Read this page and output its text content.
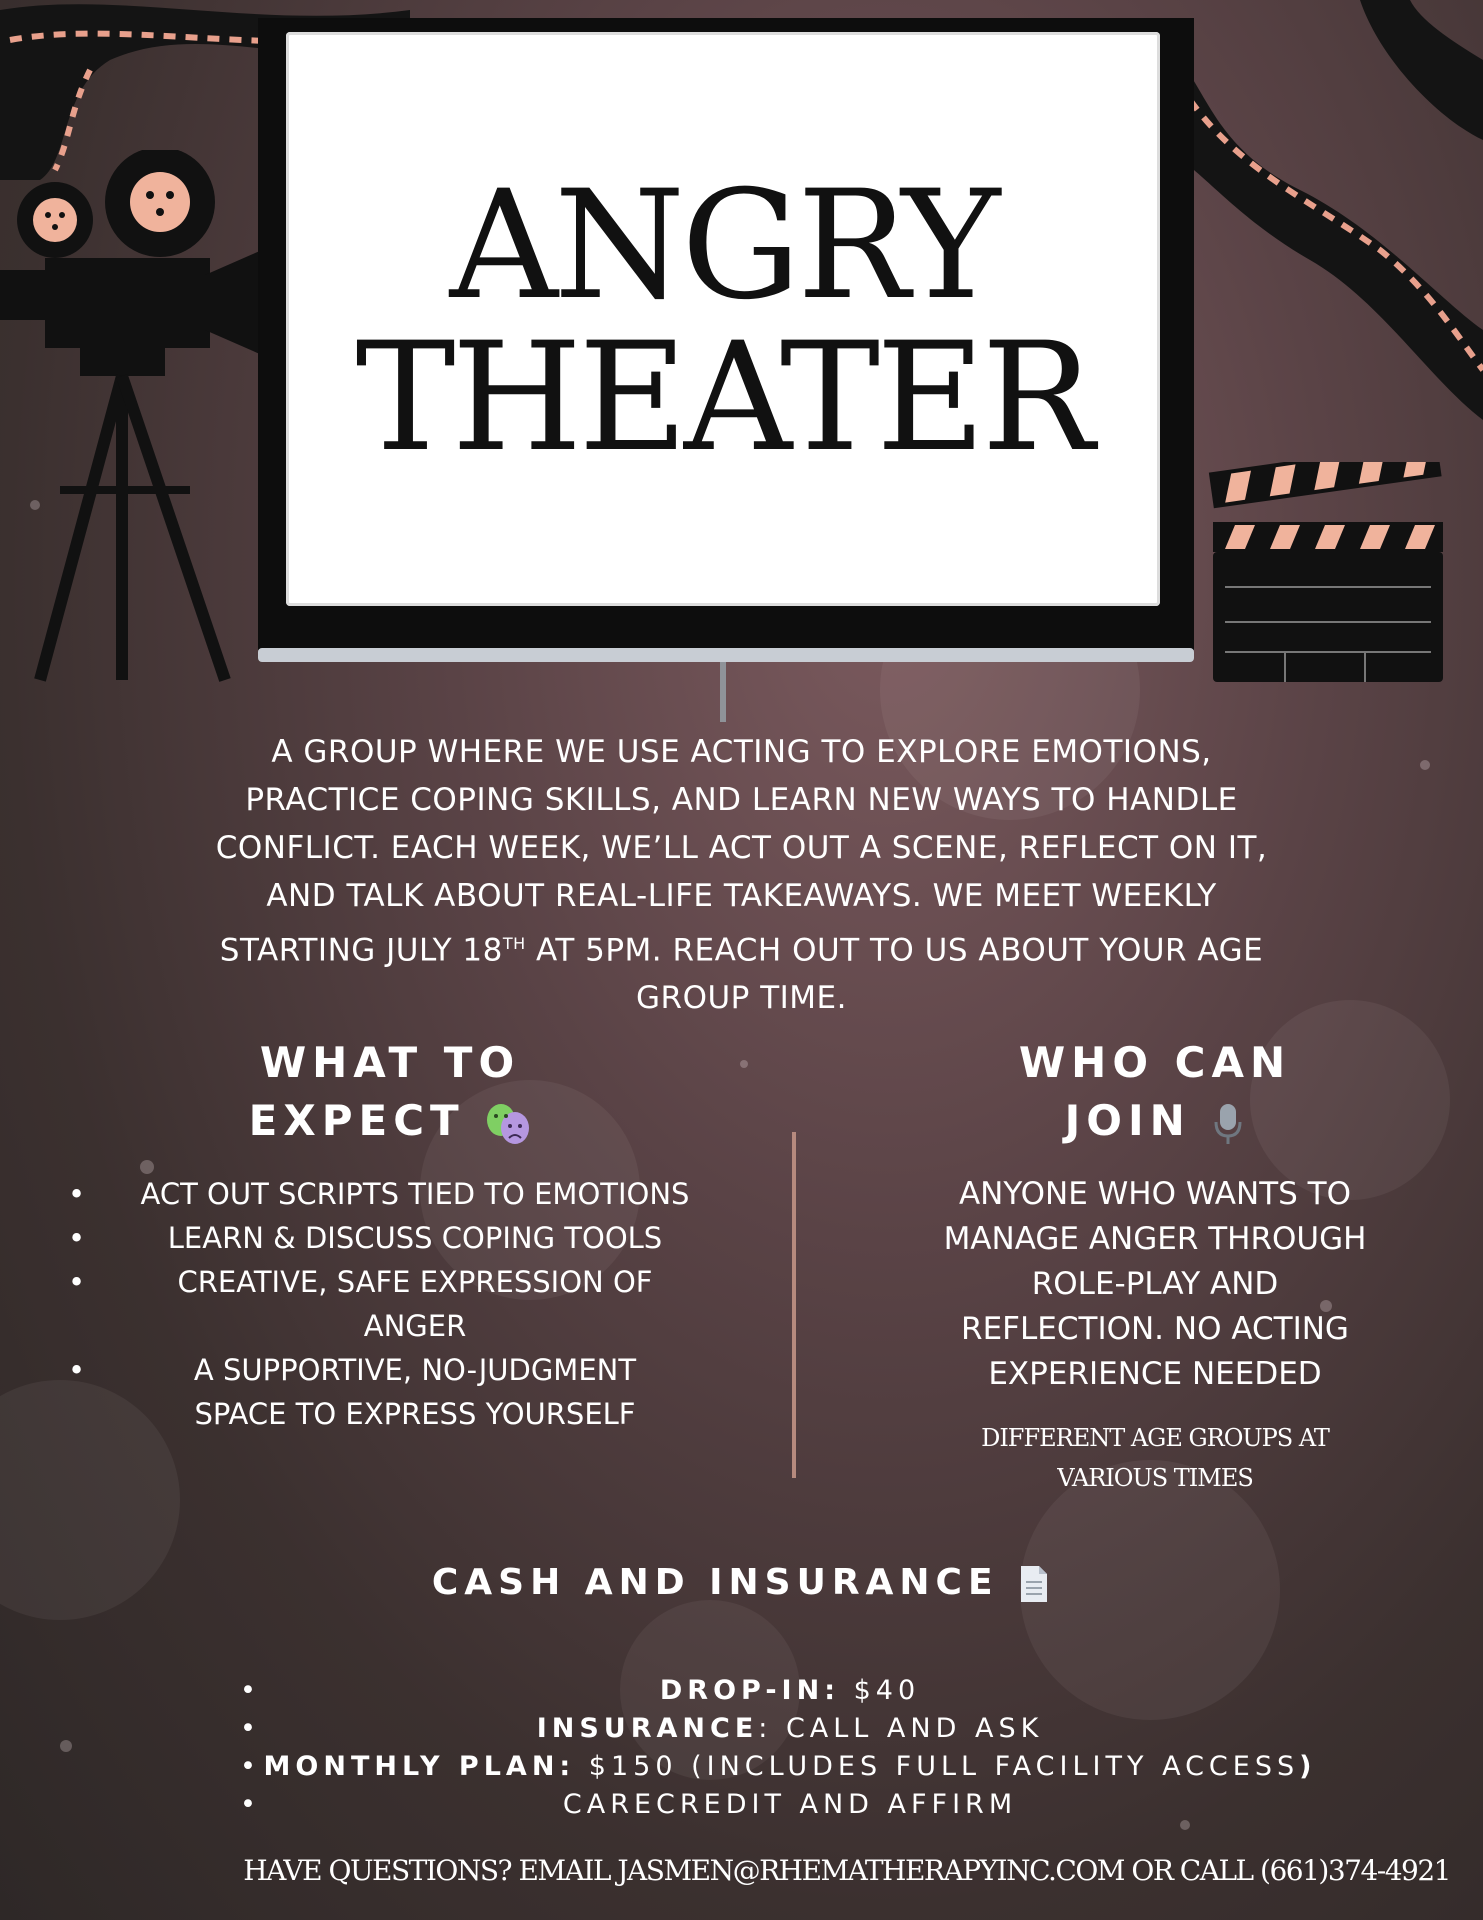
ANGRY
THEATER
A GROUP WHERE WE USE ACTING TO EXPLORE EMOTIONS,
PRACTICE COPING SKILLS, AND LEARN NEW WAYS TO HANDLE
CONFLICT. EACH WEEK, WE’LL ACT OUT A SCENE, REFLECT ON IT,
AND TALK ABOUT REAL-LIFE TAKEAWAYS. WE MEET WEEKLY
STARTING JULY 18TH AT 5PM. REACH OUT TO US ABOUT YOUR AGE
GROUP TIME.
WHAT TO
EXPECT
• ACT OUT SCRIPTS TIED TO EMOTIONS
•	LEARN & DISCUSS COPING TOOLS
•	CREATIVE, SAFE EXPRESSION OF
ANGER
•	A SUPPORTIVE, NO-JUDGMENT
SPACE TO EXPRESS YOURSELF
WHO CAN
JOIN
ANYONE WHO WANTS TO
MANAGE ANGER THROUGH
ROLE-PLAY AND
REFLECTION. NO ACTING
EXPERIENCE NEEDED
DIFFERENT AGE GROUPS AT
VARIOUS TIMES
CASH AND INSURANCE
•	DROP-IN: $40
•	INSURANCE: CALL AND ASK
• MONTHLY PLAN: $150 (INCLUDES FULL FACILITY ACCESS)
•	CARECREDIT AND AFFIRM
HAVE QUESTIONS? EMAIL JASMEN@RHEMATHERAPYINC.COM OR CALL (661)374-4921
